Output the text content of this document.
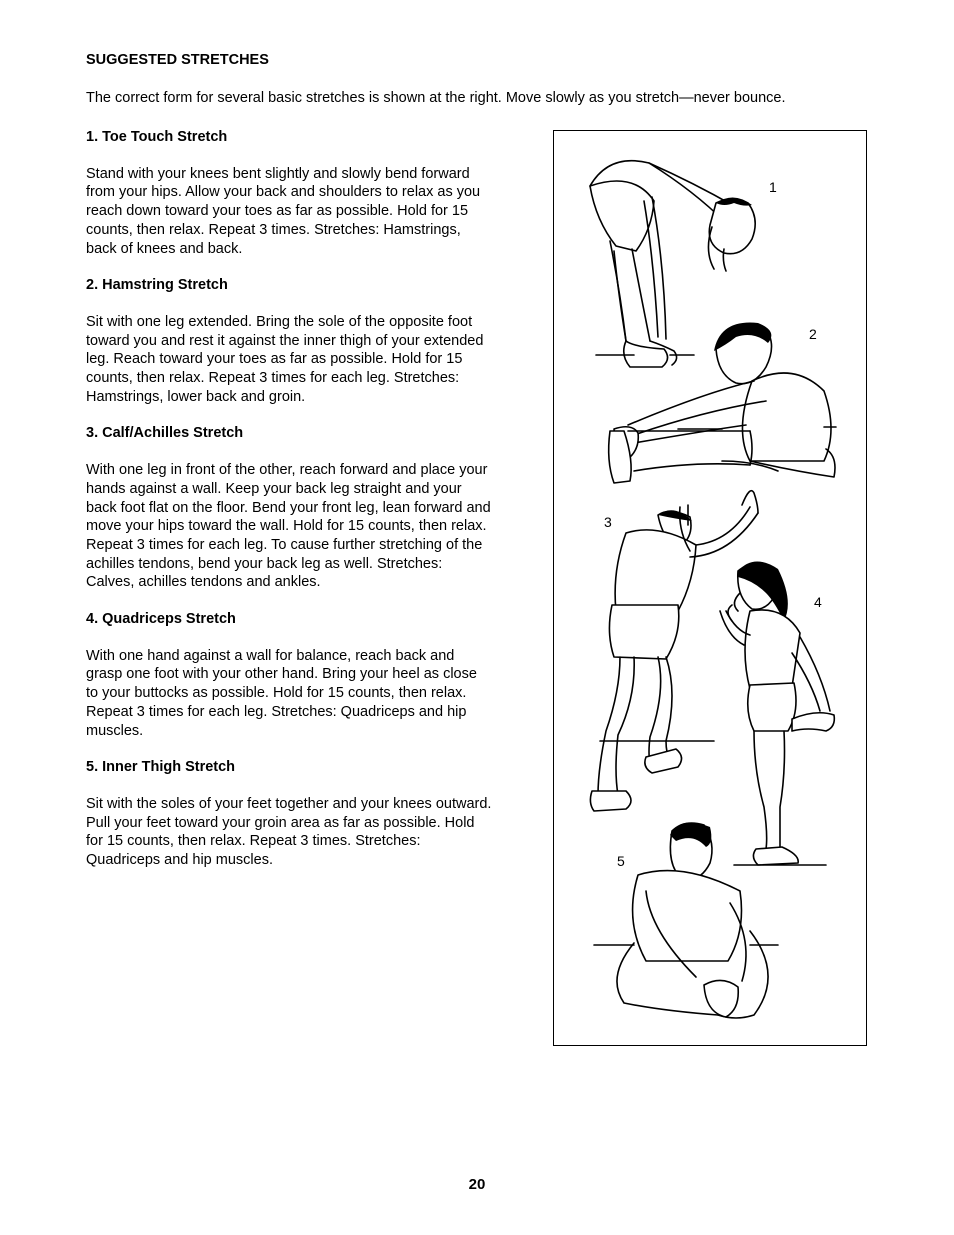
SUGGESTED STRETCHES

The correct form for several basic stretches is shown at the right. Move slowly as you stretch—never bounce.

1. Toe Touch Stretch

Stand with your knees bent slightly and slowly bend forward
from your hips. Allow your back and shoulders to relax as you
reach down toward your toes as far as possible. Hold for 15
counts, then relax. Repeat 3 times. Stretches: Hamstrings,
back of knees and back.

2. Hamstring Stretch

Sit with one leg extended. Bring the sole of the opposite foot
toward you and rest it against the inner thigh of your extended
leg. Reach toward your toes as far as possible. Hold for 15
counts, then relax. Repeat 3 times for each leg. Stretches:
Hamstrings, lower back and groin.

3. Calf/Achilles Stretch

With one leg in front of the other, reach forward and place your
hands against a wall. Keep your back leg straight and your
back foot flat on the floor. Bend your front leg, lean forward and
move your hips toward the wall. Hold for 15 counts, then relax.
Repeat 3 times for each leg. To cause further stretching of the
achilles tendons, bend your back leg as well. Stretches:
Calves, achilles tendons and ankles.

4. Quadriceps Stretch

With one hand against a wall for balance, reach back and
grasp one foot with your other hand. Bring your heel as close
to your buttocks as possible. Hold for 15 counts, then relax.
Repeat 3 times for each leg. Stretches: Quadriceps and hip
muscles.

5. Inner Thigh Stretch

Sit with the soles of your feet together and your knees outward.
Pull your feet toward your groin area as far as possible. Hold
for 15 counts, then relax. Repeat 3 times. Stretches:
Quadriceps and hip muscles.

1
2
3
4
5
20
